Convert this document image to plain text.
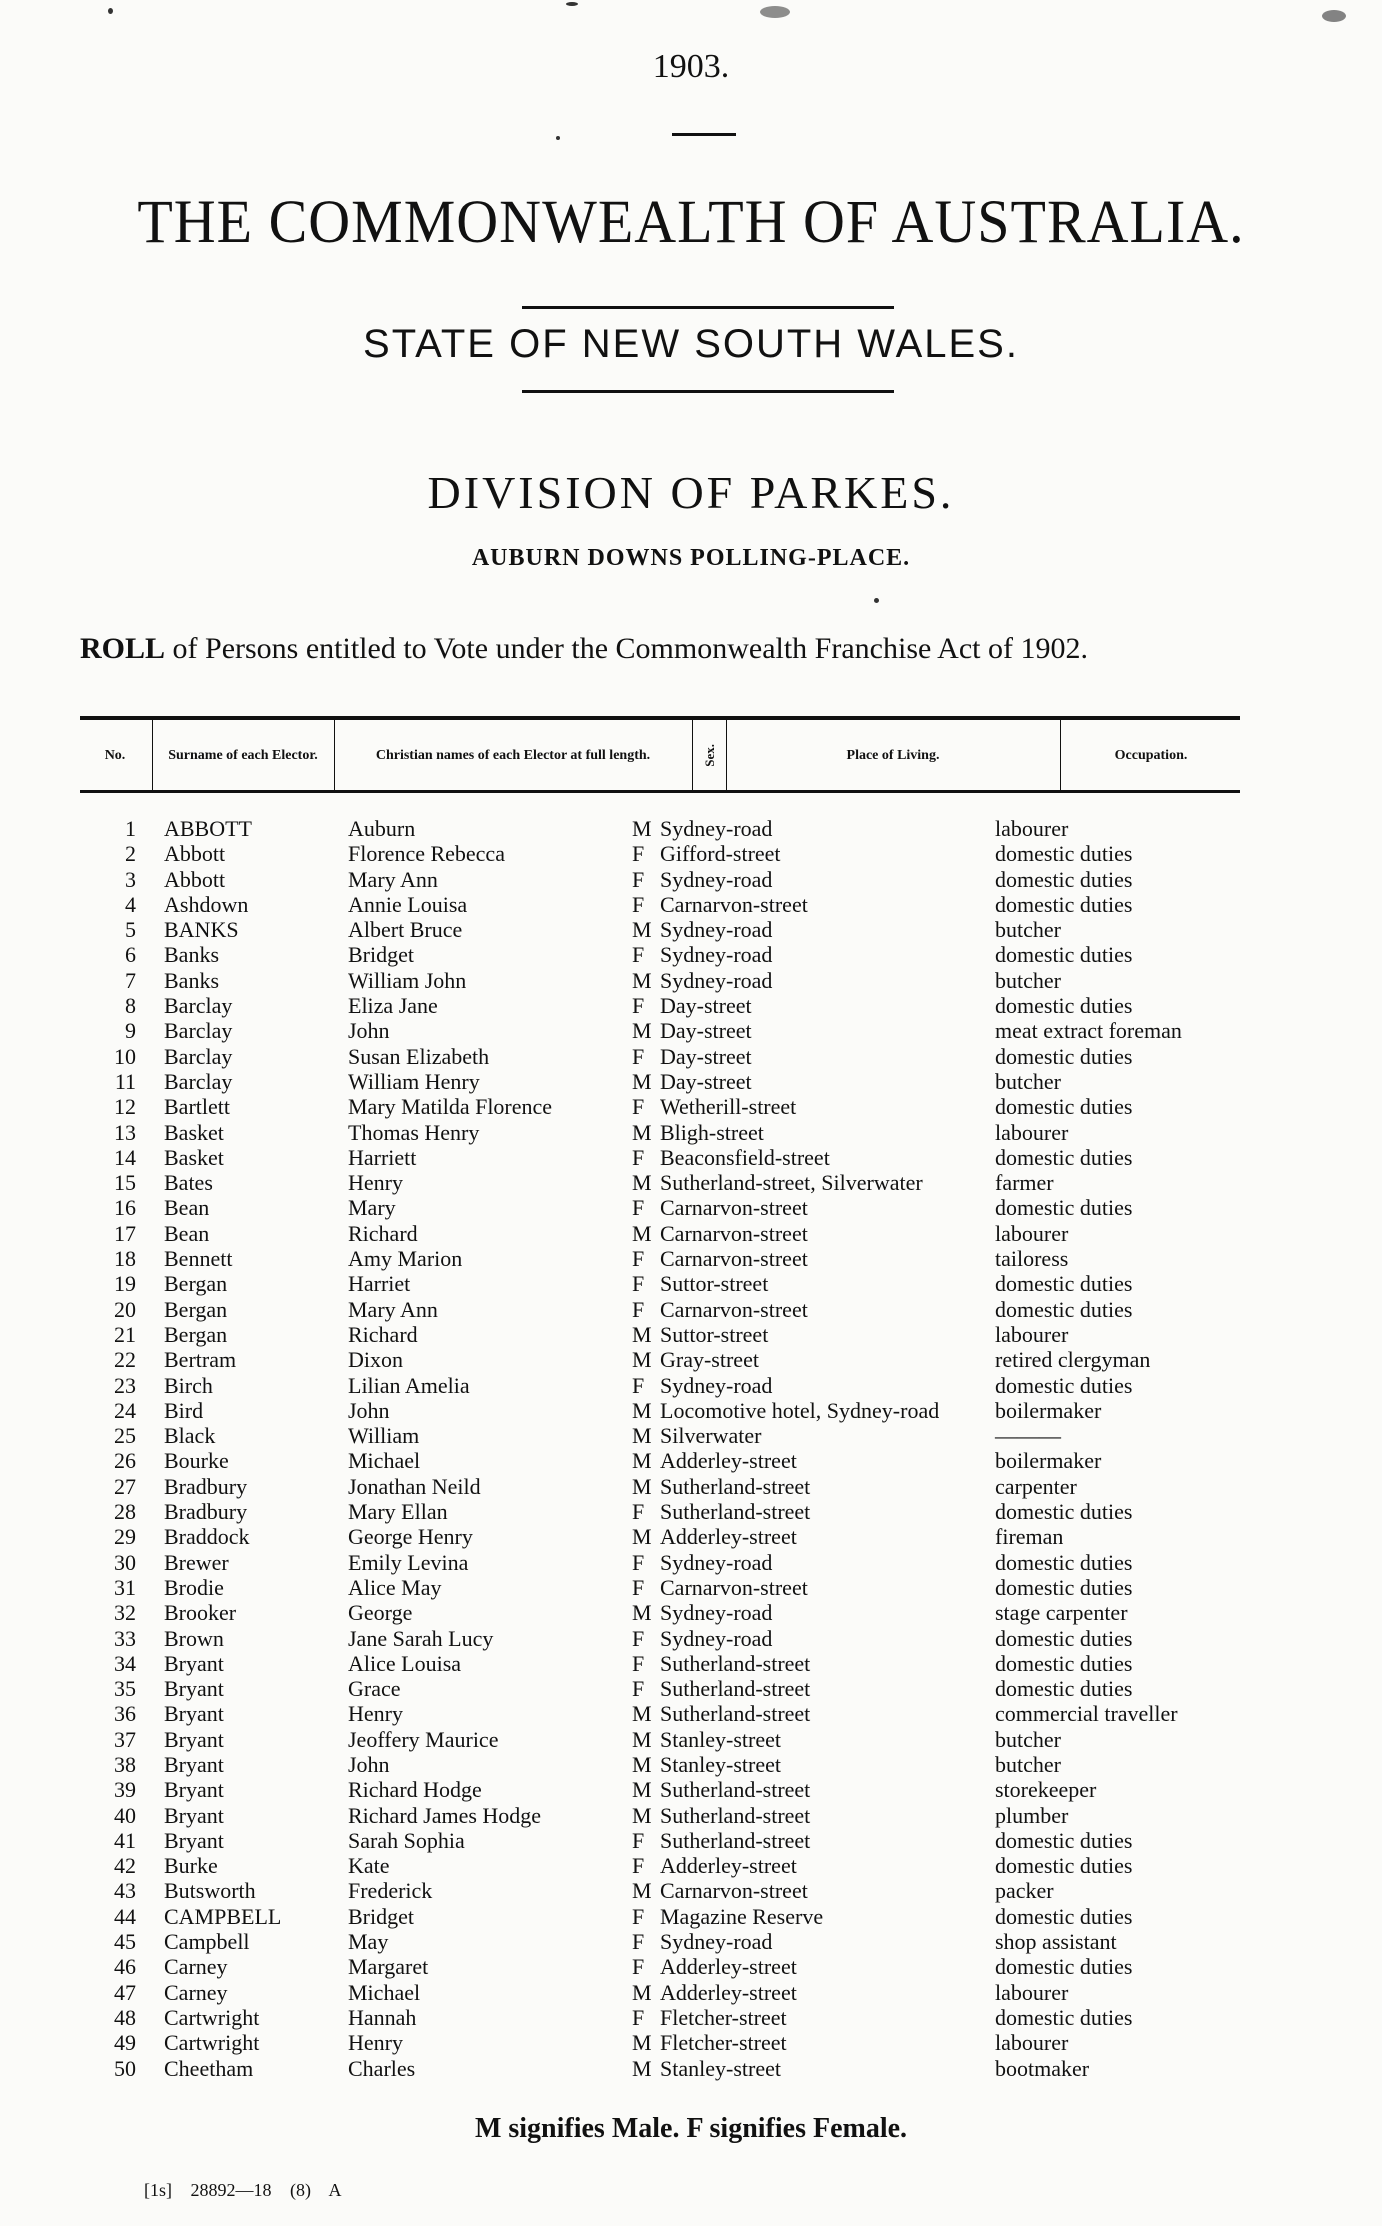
1903.
THE COMMONWEALTH OF AUSTRALIA.
STATE OF NEW SOUTH WALES.
DIVISION OF PARKES.
AUBURN DOWNS POLLING-PLACE.
ROLL of Persons entitled to Vote under the Commonwealth Franchise Act of 1902.
No.	Surname of each Elector.	Christian names of each Elector at full length.	Sex.	Place of Living.	Occupation.
1 ABBOTT	Auburn	M Sydney-road	labourer
2 Abbott	Florence Rebecca	F Gifford-street	domestic duties
3 Abbott	Mary Ann	F Sydney-road	domestic duties
4 Ashdown	Annie Louisa	F Carnarvon-street	domestic duties
5 BANKS	Albert Bruce	M Sydney-road	butcher
6 Banks	Bridget	F Sydney-road	domestic duties
7 Banks	William John	M Sydney-road	butcher
8 Barclay	Eliza Jane	F Day-street	domestic duties
9 Barclay	John	M Day-street	meat extract foreman
10 Barclay	Susan Elizabeth	F Day-street	domestic duties
11 Barclay	William Henry	M Day-street	butcher
12 Bartlett	Mary Matilda Florence	F Wetherill-street	domestic duties
13 Basket	Thomas Henry	M Bligh-street	labourer
14 Basket	Harriett	F Beaconsfield-street	domestic duties
15 Bates	Henry	M Sutherland-street, Silverwater	farmer
16 Bean	Mary	F Carnarvon-street	domestic duties
17 Bean	Richard	M Carnarvon-street	labourer
18 Bennett	Amy Marion	F Carnarvon-street	tailoress
19 Bergan	Harriet	F Suttor-street	domestic duties
20 Bergan	Mary Ann	F Carnarvon-street	domestic duties
21 Bergan	Richard	M Suttor-street	labourer
22 Bertram	Dixon	M Gray-street	retired clergyman
23 Birch	Lilian Amelia	F Sydney-road	domestic duties
24 Bird	John	M Locomotive hotel, Sydney-road	boilermaker
25 Black	William	M Silverwater	———
26 Bourke	Michael	M Adderley-street	boilermaker
27 Bradbury	Jonathan Neild	M Sutherland-street	carpenter
28 Bradbury	Mary Ellan	F Sutherland-street	domestic duties
29 Braddock	George Henry	M Adderley-street	fireman
30 Brewer	Emily Levina	F Sydney-road	domestic duties
31 Brodie	Alice May	F Carnarvon-street	domestic duties
32 Brooker	George	M Sydney-road	stage carpenter
33 Brown	Jane Sarah Lucy	F Sydney-road	domestic duties
34 Bryant	Alice Louisa	F Sutherland-street	domestic duties
35 Bryant	Grace	F Sutherland-street	domestic duties
36 Bryant	Henry	M Sutherland-street	commercial traveller
37 Bryant	Jeoffery Maurice	M Stanley-street	butcher
38 Bryant	John	M Stanley-street	butcher
39 Bryant	Richard Hodge	M Sutherland-street	storekeeper
40 Bryant	Richard James Hodge	M Sutherland-street	plumber
41 Bryant	Sarah Sophia	F Sutherland-street	domestic duties
42 Burke	Kate	F Adderley-street	domestic duties
43 Butsworth	Frederick	M Carnarvon-street	packer
44 CAMPBELL	Bridget	F Magazine Reserve	domestic duties
45 Campbell	May	F Sydney-road	shop assistant
46 Carney	Margaret	F Adderley-street	domestic duties
47 Carney	Michael	M Adderley-street	labourer
48 Cartwright	Hannah	F Fletcher-street	domestic duties
49 Cartwright	Henry	M Fletcher-street	labourer
50 Cheetham	Charles	M Stanley-street	bootmaker
M signifies Male. F signifies Female.
[1s] 28892—18 (8) A
